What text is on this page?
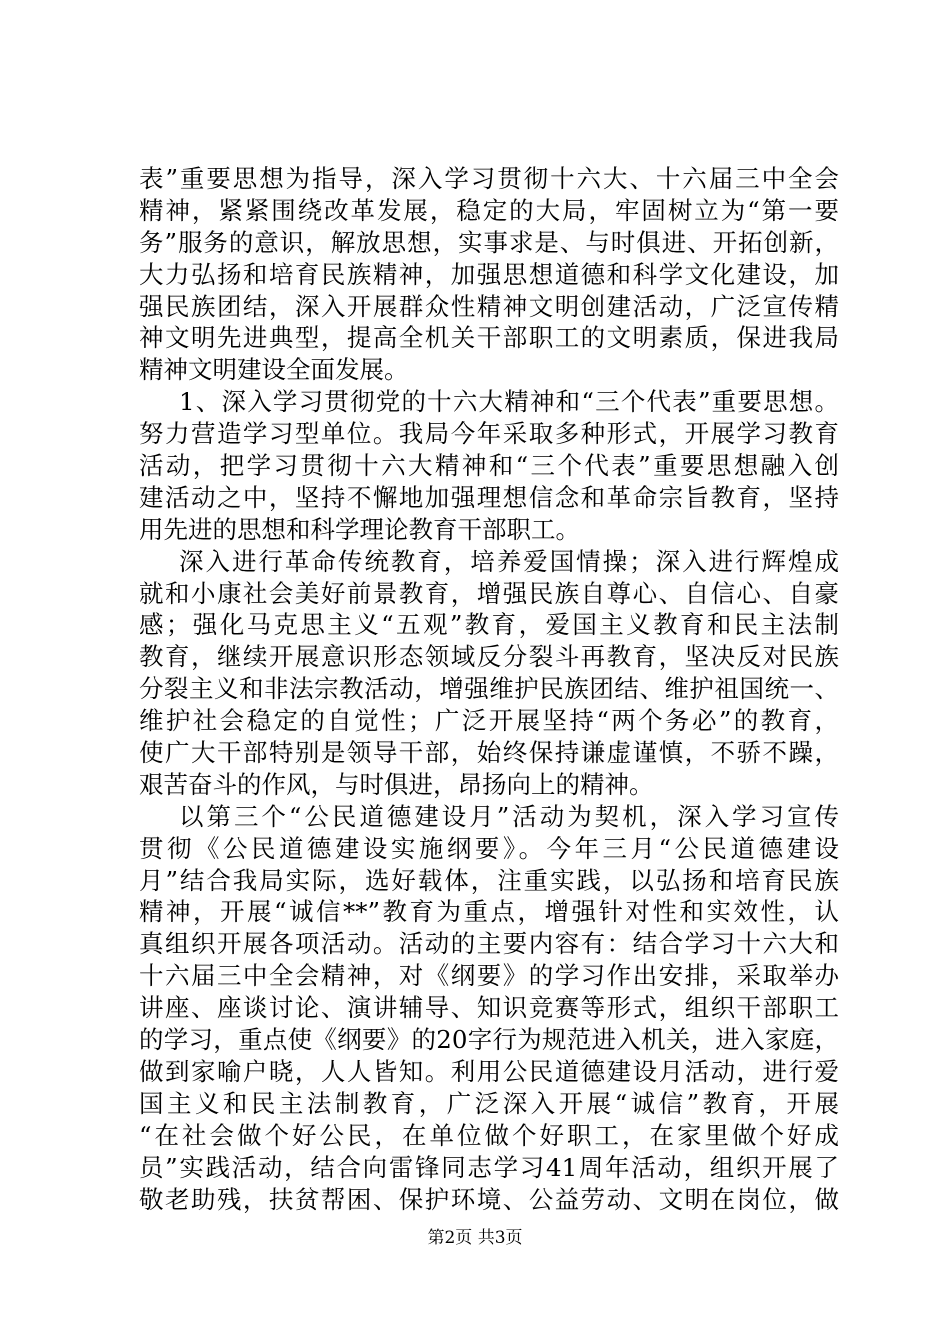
表”重要思想为指导，深入学习贯彻十六大、十六届三中全会
精神，紧紧围绕改革发展，稳定的大局，牢固树立为“第一要
务”服务的意识，解放思想，实事求是、与时俱进、开拓创新，
大力弘扬和培育民族精神，加强思想道德和科学文化建设，加
强民族团结，深入开展群众性精神文明创建活动，广泛宣传精
神文明先进典型，提高全机关干部职工的文明素质，保进我局
精神文明建设全面发展。
1、深入学习贯彻党的十六大精神和“三个代表”重要思想。
努力营造学习型单位。我局今年采取多种形式，开展学习教育
活动，把学习贯彻十六大精神和“三个代表”重要思想融入创
建活动之中，坚持不懈地加强理想信念和革命宗旨教育，坚持
用先进的思想和科学理论教育干部职工。
深入进行革命传统教育，培养爱国情操；深入进行辉煌成
就和小康社会美好前景教育，增强民族自尊心、自信心、自豪
感；强化马克思主义“五观”教育，爱国主义教育和民主法制
教育，继续开展意识形态领域反分裂斗再教育，坚决反对民族
分裂主义和非法宗教活动，增强维护民族团结、维护祖国统一、
维护社会稳定的自觉性；广泛开展坚持“两个务必”的教育，
使广大干部特别是领导干部，始终保持谦虚谨慎，不骄不躁，
艰苦奋斗的作风，与时俱进，昂扬向上的精神。
以第三个“公民道德建设月”活动为契机，深入学习宣传
贯彻《公民道德建设实施纲要》。今年三月“公民道德建设
月”结合我局实际，选好载体，注重实践，以弘扬和培育民族
精神，开展“诚信**”教育为重点，增强针对性和实效性，认
真组织开展各项活动。活动的主要内容有：结合学习十六大和
十六届三中全会精神，对《纲要》的学习作出安排，采取举办
讲座、座谈讨论、演讲辅导、知识竞赛等形式，组织干部职工
的学习，重点使《纲要》的20字行为规范进入机关，进入家庭，
做到家喻户晓，人人皆知。利用公民道德建设月活动，进行爱
国主义和民主法制教育，广泛深入开展“诚信”教育，开展
“在社会做个好公民，在单位做个好职工，在家里做个好成
员”实践活动，结合向雷锋同志学习41周年活动，组织开展了
敬老助残，扶贫帮困、保护环境、公益劳动、文明在岗位，做
第2页 共3页
